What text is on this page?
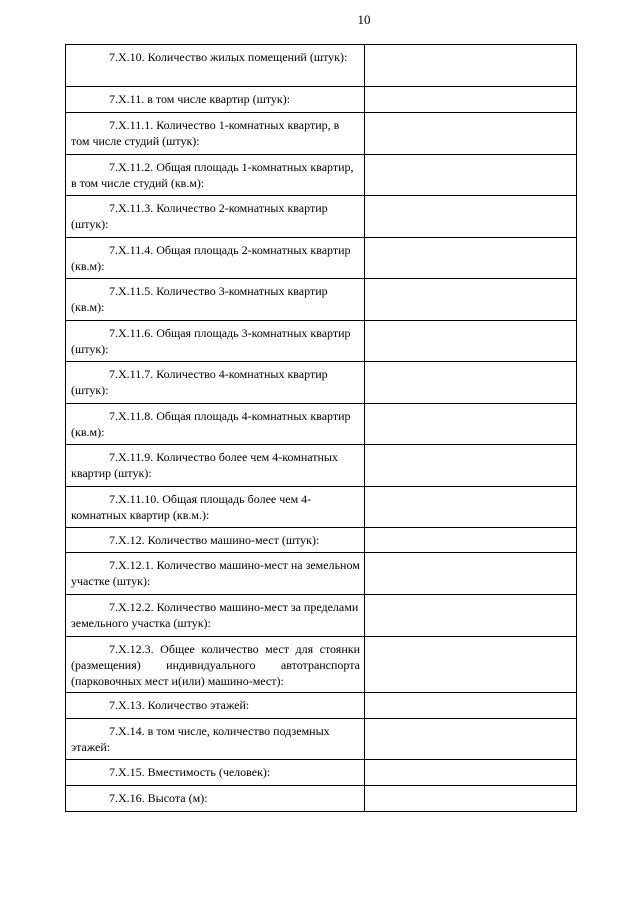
10
7.X.10. Количество жилых помещений (штук):	

7.X.11. в том числе квартир (штук):	

7.X.11.1. Количество 1-комнатных квартир, в том числе студий (штук):	

7.X.11.2. Общая площадь 1-комнатных квартир, в том числе студий (кв.м):	

7.X.11.3. Количество 2-комнатных квартир (штук):	

7.X.11.4. Общая площадь 2-комнатных квартир (кв.м):	

7.X.11.5. Количество 3-комнатных квартир (кв.м):	

7.X.11.6. Общая площадь 3-комнатных квартир (штук):	

7.X.11.7. Количество 4-комнатных квартир (штук):	

7.X.11.8. Общая площадь 4-комнатных квартир (кв.м):	

7.X.11.9. Количество более чем 4-комнатных квартир (штук):	

7.X.11.10. Общая площадь более чем 4-комнатных квартир (кв.м.):	

7.X.12. Количество машино-мест (штук):	

7.X.12.1. Количество машино-мест на земельном участке (штук):	

7.X.12.2. Количество машино-мест за пределами земельного участка (штук):	

7.X.12.3. Общее количество мест для стоянки (размещения) индивидуального автотранспорта (парковочных мест и(или) машино-мест):	

7.X.13. Количество этажей:	

7.X.14. в том числе, количество подземных этажей:	

7.X.15. Вместимость (человек):	

7.X.16. Высота (м):	
